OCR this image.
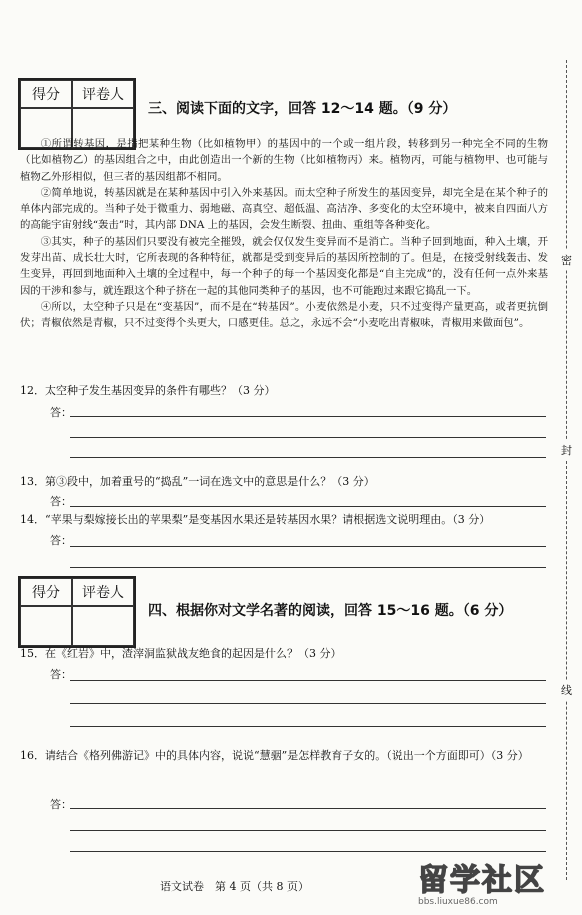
密
封
线
得分	评卷人
三、阅读下面的文字，回答 12～14 题。（9 分）

①所谓转基因，是指把某种生物（比如植物甲）的基因中的一个或一组片段，转移到另一种完全不同的生物（比如植物乙）的基因组合之中，由此创造出一个新的生物（比如植物丙）来。植物丙，可能与植物甲、也可能与植物乙外形相似，但三者的基因组都不相同。

②简单地说，转基因就是在某种基因中引入外来基因。而太空种子所发生的基因变异，却完全是在某个种子的单体内部完成的。当种子处于微重力、弱地磁、高真空、超低温、高洁净、多变化的太空环境中，被来自四面八方的高能宇宙射线“轰击”时，其内部 DNA 上的基因，会发生断裂、扭曲、重组等各种变化。

③其实，种子的基因们只要没有被完全摧毁，就会仅仅发生变异而不是消亡。当种子回到地面，种入土壤，开发芽出苗、成长壮大时，它所表现的各种特征，就都是受到变异后的基因所控制的了。但是，在接受射线轰击、发生变异，再回到地面种入土壤的全过程中，每一个种子的每一个基因变化都是“自主完成”的，没有任何一点外来基因的干涉和参与，就连跟这个种子挤在一起的其他同类种子的基因，也不可能跑过来跟它捣乱一下。

④所以，太空种子只是在“变基因”，而不是在“转基因”。小麦依然是小麦，只不过变得产量更高，或者更抗倒伏；青椒依然是青椒，只不过变得个头更大，口感更佳。总之，永远不会“小麦吃出青椒味，青椒用来做面包”。

12．太空种子发生基因变异的条件有哪些？（3 分）
答：
13．第③段中，加着重号的“捣乱”一词在选文中的意思是什么？（3 分）
答：
14．“苹果与梨嫁接长出的苹果梨”是变基因水果还是转基因水果？请根据选文说明理由。（3 分）
答：
得分	评卷人
四、根据你对文学名著的阅读，回答 15～16 题。（6 分）
15．在《红岩》中，渣滓洞监狱战友绝食的起因是什么？（3 分）
答：
16．请结合《格列佛游记》中的具体内容，说说“慧骃”是怎样教育子女的。（说出一个方面即可）（3 分）
答：
语文试卷　第 4 页（共 8 页）	留学社区
bbs.liuxue86.com
